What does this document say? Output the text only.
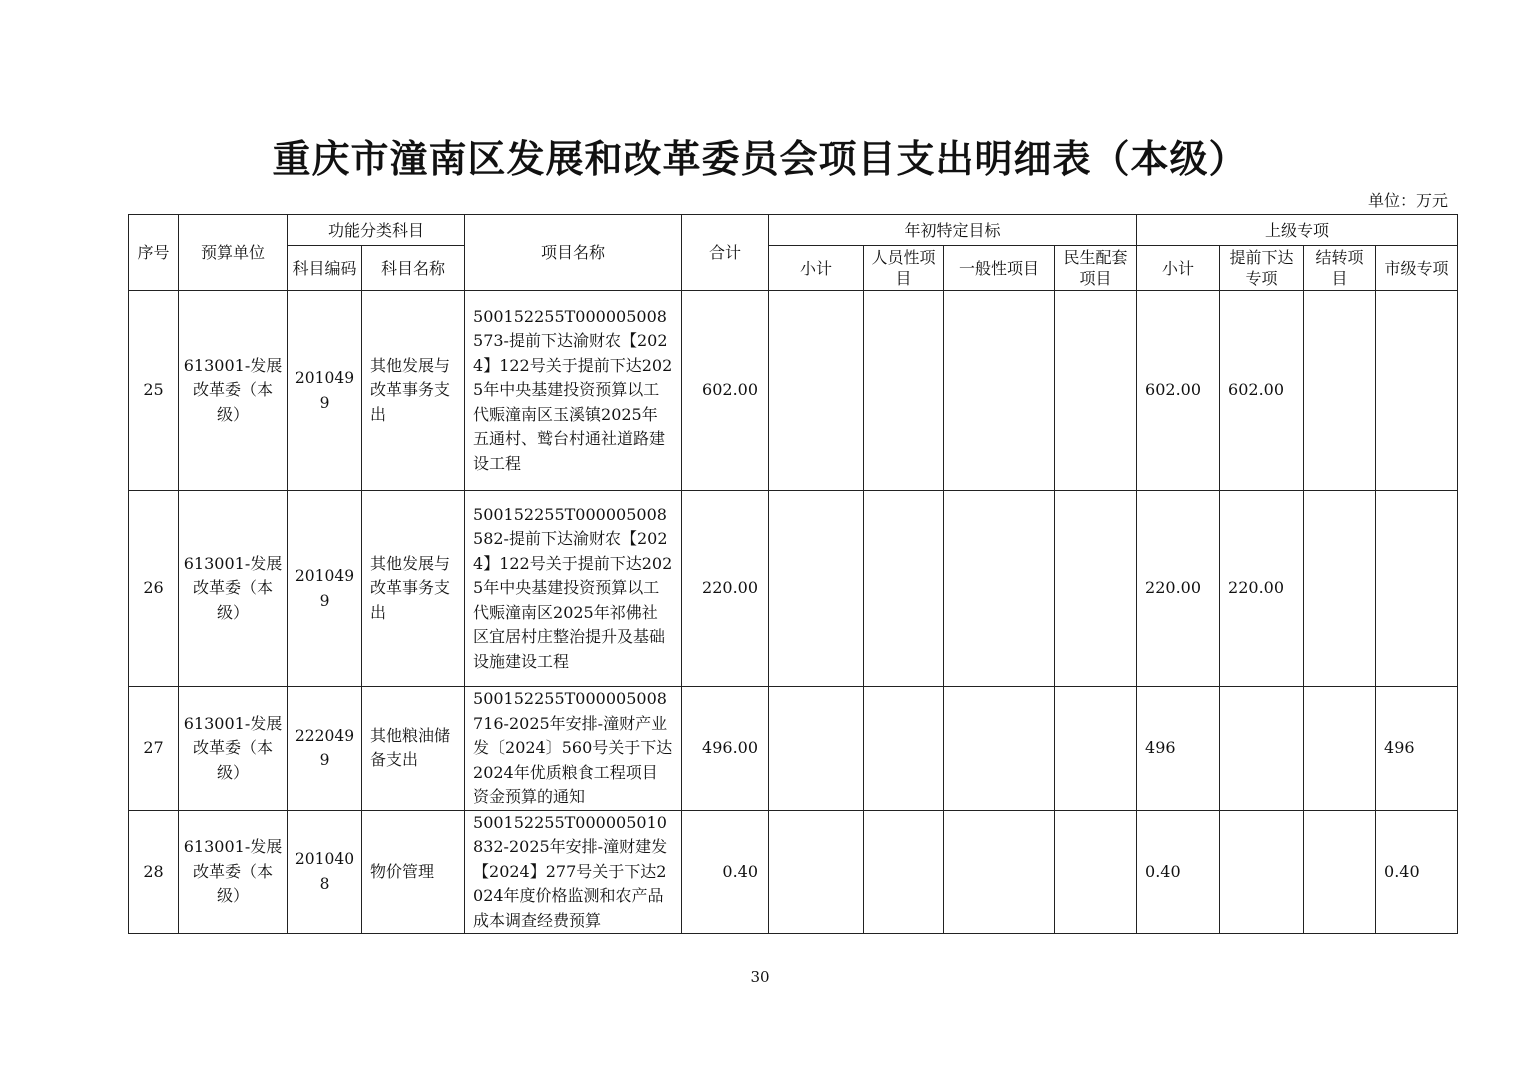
重庆市潼南区发展和改革委员会项目支出明细表（本级）
单位：万元
序号	预算单位	功能分类科目		项目名称	合计	年初特定目标				上级专项			
		科目编码	科目名称			小计	人员性项目	一般性项目	民生配套项目	小计	提前下达专项	结转项目	市级专项
25	613001-发展改革委（本级）	2010499	其他发展与改革事务支出	500152255T000005008573-提前下达渝财农【2024】122号关于提前下达2025年中央基建投资预算以工代赈潼南区玉溪镇2025年五通村、鹫台村通社道路建设工程	602.00					602.00	602.00		
26	613001-发展改革委（本级）	2010499	其他发展与改革事务支出	500152255T000005008582-提前下达渝财农【2024】122号关于提前下达2025年中央基建投资预算以工代赈潼南区2025年祁佛社区宜居村庄整治提升及基础设施建设工程	220.00					220.00	220.00		
27	613001-发展改革委（本级）	2220499	其他粮油储备支出	500152255T000005008716-2025年安排-潼财产业发〔2024〕560号关于下达2024年优质粮食工程项目资金预算的通知	496.00					496			496
28	613001-发展改革委（本级）	2010408	物价管理	500152255T000005010832-2025年安排-潼财建发【2024】277号关于下达2024年度价格监测和农产品成本调查经费预算	0.40					0.40			0.40
30
